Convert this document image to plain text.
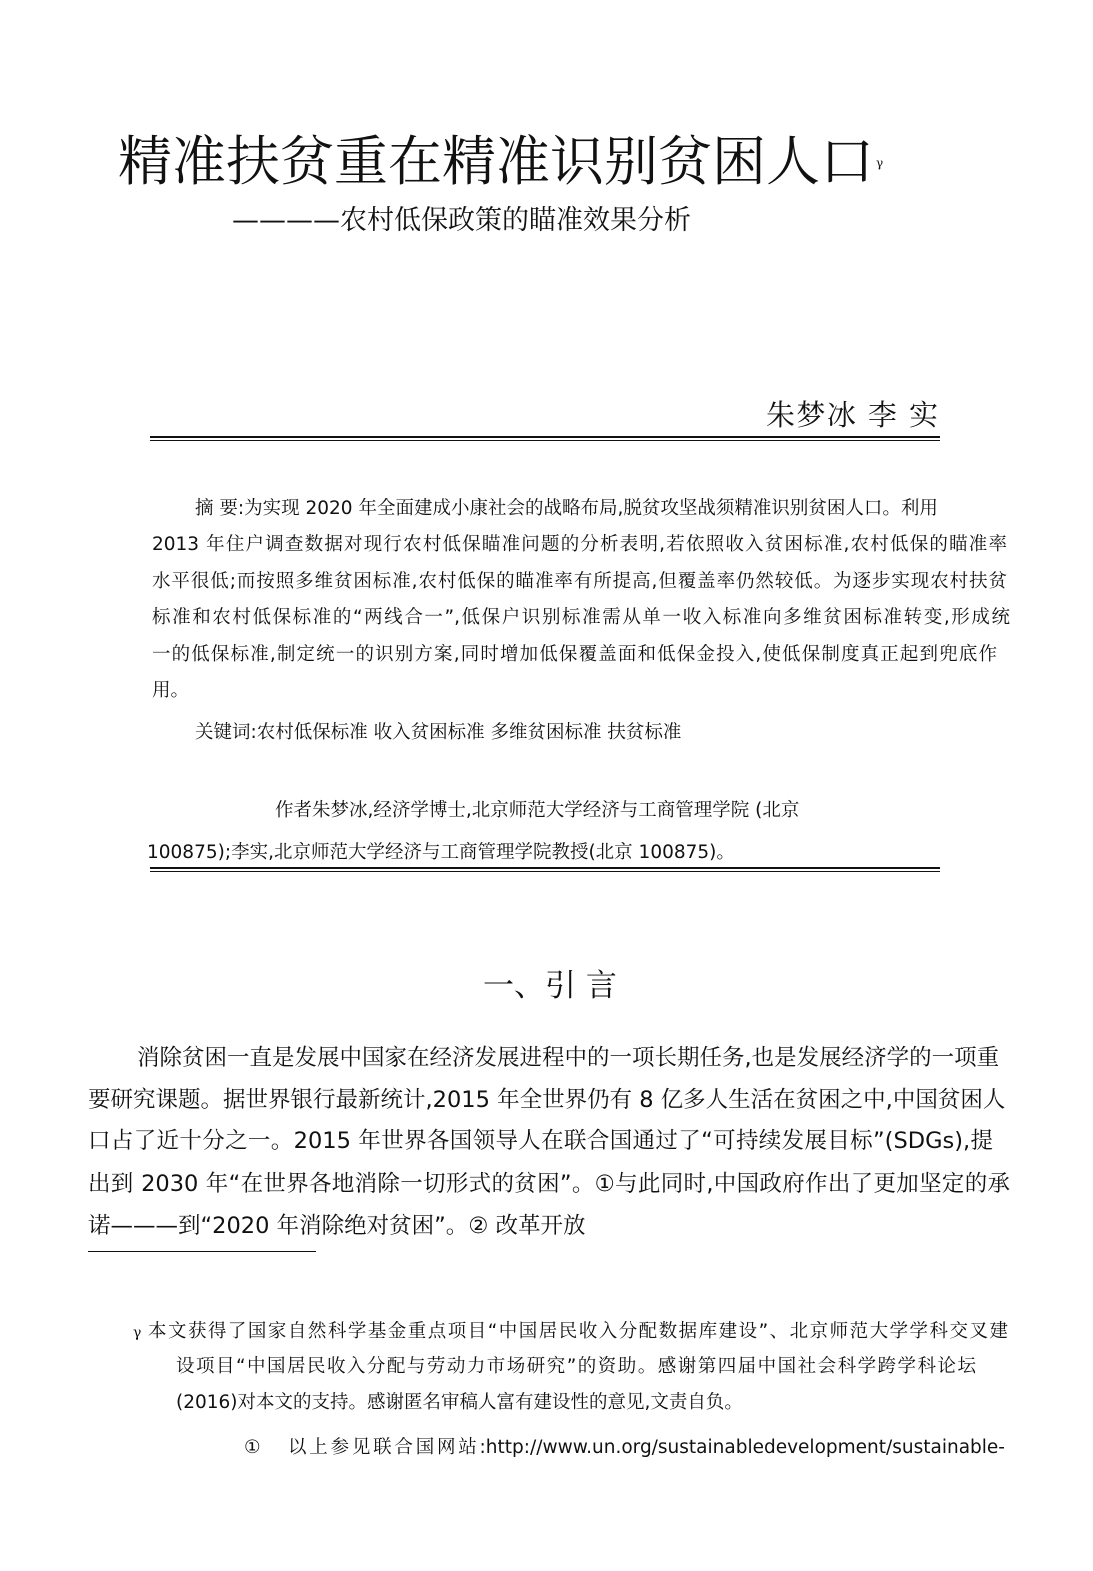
精准扶贫重在精准识别贫困人口 γ
————农村低保政策的瞄准效果分析
朱梦冰 李 实
摘 要:为实现 2020 年全面建成小康社会的战略布局,脱贫攻坚战须精准识别贫困人口。利用
2013 年住户调查数据对现行农村低保瞄准问题的分析表明,若依照收入贫困标准,农村低保的瞄准率
水平很低;而按照多维贫困标准,农村低保的瞄准率有所提高,但覆盖率仍然较低。为逐步实现农村扶贫
标准和农村低保标准的“两线合一”,低保户识别标准需从单一收入标准向多维贫困标准转变,形成统
一的低保标准,制定统一的识别方案,同时增加低保覆盖面和低保金投入,使低保制度真正起到兜底作
用。
关键词:农村低保标准 收入贫困标准 多维贫困标准 扶贫标准
作者朱梦冰,经济学博士,北京师范大学经济与工商管理学院 (北京
100875);李实,北京师范大学经济与工商管理学院教授(北京 100875)。
一、引 言
消除贫困一直是发展中国家在经济发展进程中的一项长期任务,也是发展经济学的一项重
要研究课题。据世界银行最新统计,2015 年全世界仍有 8 亿多人生活在贫困之中,中国贫困人
口占了近十分之一。2015 年世界各国领导人在联合国通过了“可持续发展目标”(SDGs),提
出到 2030 年“在世界各地消除一切形式的贫困”。①与此同时,中国政府作出了更加坚定的承
诺———到“2020 年消除绝对贫困”。② 改革开放
γ 本文获得了国家自然科学基金重点项目“中国居民收入分配数据库建设”、北京师范大学学科交叉建
设项目“中国居民收入分配与劳动力市场研究”的资助。感谢第四届中国社会科学跨学科论坛
(2016)对本文的支持。感谢匿名审稿人富有建设性的意见,文责自负。
① 以上参见联合国网站:http://www.un.org/sustainabledevelopment/sustainable-
